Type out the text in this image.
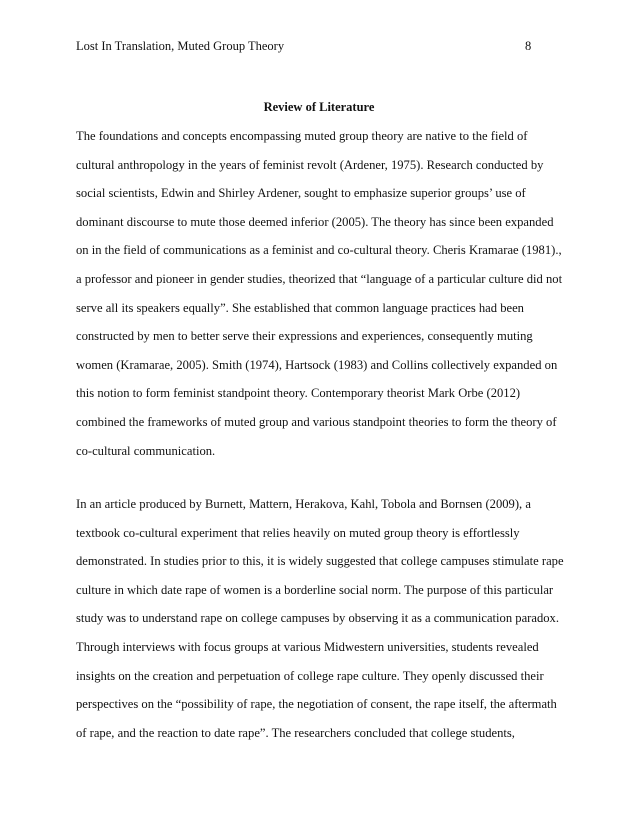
Lost In Translation, Muted Group Theory	8
Review of Literature
The foundations and concepts encompassing muted group theory are native to the field of
cultural anthropology in the years of feminist revolt (Ardener, 1975). Research conducted by
social scientists, Edwin and Shirley Ardener, sought to emphasize superior groups’ use of
dominant discourse to mute those deemed inferior (2005). The theory has since been expanded
on in the field of communications as a feminist and co-cultural theory. Cheris Kramarae (1981).,
a professor and pioneer in gender studies, theorized that “language of a particular culture did not
serve all its speakers equally”. She established that common language practices had been
constructed by men to better serve their expressions and experiences, consequently muting
women (Kramarae, 2005). Smith (1974), Hartsock (1983) and Collins collectively expanded on
this notion to form feminist standpoint theory. Contemporary theorist Mark Orbe (2012)
combined the frameworks of muted group and various standpoint theories to form the theory of
co-cultural communication.
In an article produced by Burnett, Mattern, Herakova, Kahl, Tobola and Bornsen (2009), a
textbook co-cultural experiment that relies heavily on muted group theory is effortlessly
demonstrated. In studies prior to this, it is widely suggested that college campuses stimulate rape
culture in which date rape of women is a borderline social norm. The purpose of this particular
study was to understand rape on college campuses by observing it as a communication paradox.
Through interviews with focus groups at various Midwestern universities, students revealed
insights on the creation and perpetuation of college rape culture. They openly discussed their
perspectives on the “possibility of rape, the negotiation of consent, the rape itself, the aftermath
of rape, and the reaction to date rape”. The researchers concluded that college students,
